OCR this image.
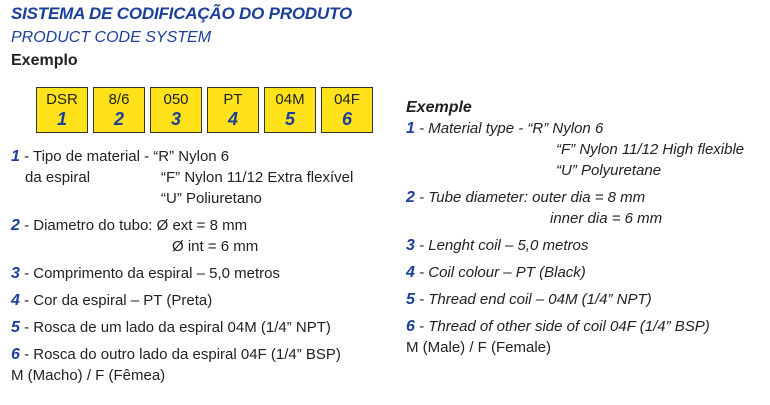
SISTEMA DE CODIFICAÇÃO DO PRODUTO
PRODUCT CODE SYSTEM
Exemplo
DSR
1
8/6
2
050
3
PT
4
04M
5
04F
6
1 - Tipo de material - “R” Nylon 6
da espiral	“F” Nylon 11/12 Extra flexível
“U” Poliuretano
2 - Diametro do tubo: Ø ext = 8 mm
Ø int = 6 mm
3 - Comprimento da espiral – 5,0 metros
4 - Cor da espiral – PT (Preta)
5 - Rosca de um lado da espiral 04M (1/4” NPT)
6 - Rosca do outro lado da espiral 04F (1/4” BSP)
M (Macho) / F (Fêmea)
Exemple
1 - Material type - “R” Nylon 6
“F” Nylon 11/12 High flexible
“U” Polyuretane
2 - Tube diameter: outer dia = 8 mm
inner dia = 6 mm
3 - Lenght coil – 5,0 metros
4 - Coil colour – PT (Black)
5 - Thread end coil – 04M (1/4” NPT)
6 - Thread of other side of coil 04F (1/4” BSP)
M (Male) / F (Female)
